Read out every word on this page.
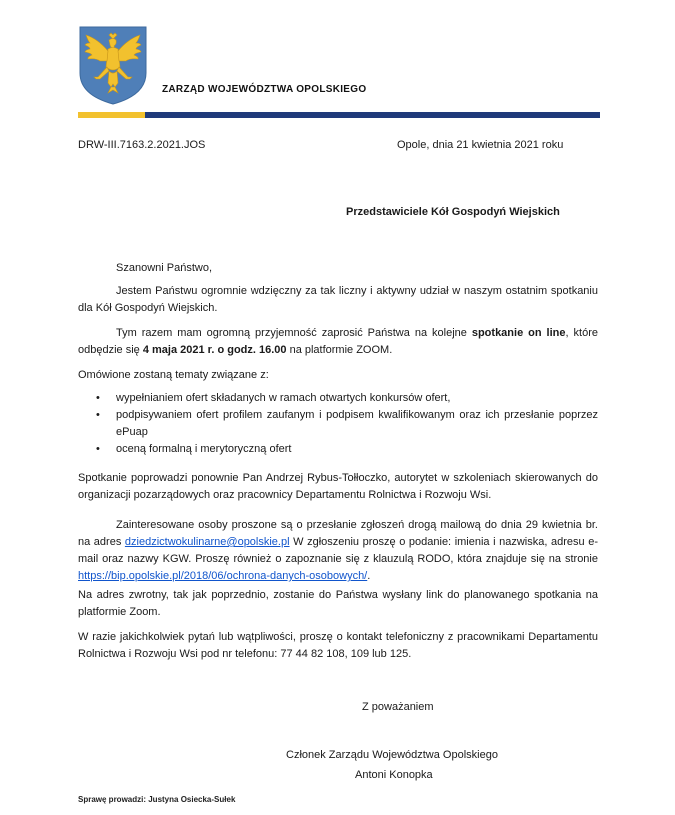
ZARZĄD WOJEWÓDZTWA OPOLSKIEGO
DRW-III.7163.2.2021.JOS	Opole, dnia 21 kwietnia 2021 roku
Przedstawiciele Kół Gospodyń Wiejskich
Szanowni Państwo,
Jestem Państwu ogromnie wdzięczny za tak liczny i aktywny udział w naszym ostatnim spotkaniu dla Kół Gospodyń Wiejskich.
Tym razem mam ogromną przyjemność zaprosić Państwa na kolejne spotkanie on line, które odbędzie się 4 maja 2021 r. o godz. 16.00 na platformie ZOOM.
Omówione zostaną tematy związane z:
• wypełnianiem ofert składanych w ramach otwartych konkursów ofert,
• podpisywaniem ofert profilem zaufanym i podpisem kwalifikowanym oraz ich przesłanie poprzez ePuap
• oceną formalną i merytoryczną ofert
Spotkanie poprowadzi ponownie Pan Andrzej Rybus-Tołłoczko, autorytet w szkoleniach skierowanych do organizacji pozarządowych oraz pracownicy Departamentu Rolnictwa i Rozwoju Wsi.
Zainteresowane osoby proszone są o przesłanie zgłoszeń drogą mailową do dnia 29 kwietnia br. na adres dziedzictwokulinarne@opolskie.pl W zgłoszeniu proszę o podanie: imienia i nazwiska, adresu e-mail oraz nazwy KGW. Proszę również o zapoznanie się z klauzulą RODO, która znajduje się na stronie https://bip.opolskie.pl/2018/06/ochrona-danych-osobowych/.
Na adres zwrotny, tak jak poprzednio, zostanie do Państwa wysłany link do planowanego spotkania na platformie Zoom.
W razie jakichkolwiek pytań lub wątpliwości, proszę o kontakt telefoniczny z pracownikami Departamentu Rolnictwa i Rozwoju Wsi pod nr telefonu: 77 44 82 108, 109 lub 125.
Z poważaniem
Członek Zarządu Województwa Opolskiego
Antoni Konopka
Sprawę prowadzi: Justyna Osiecka-Sułek
